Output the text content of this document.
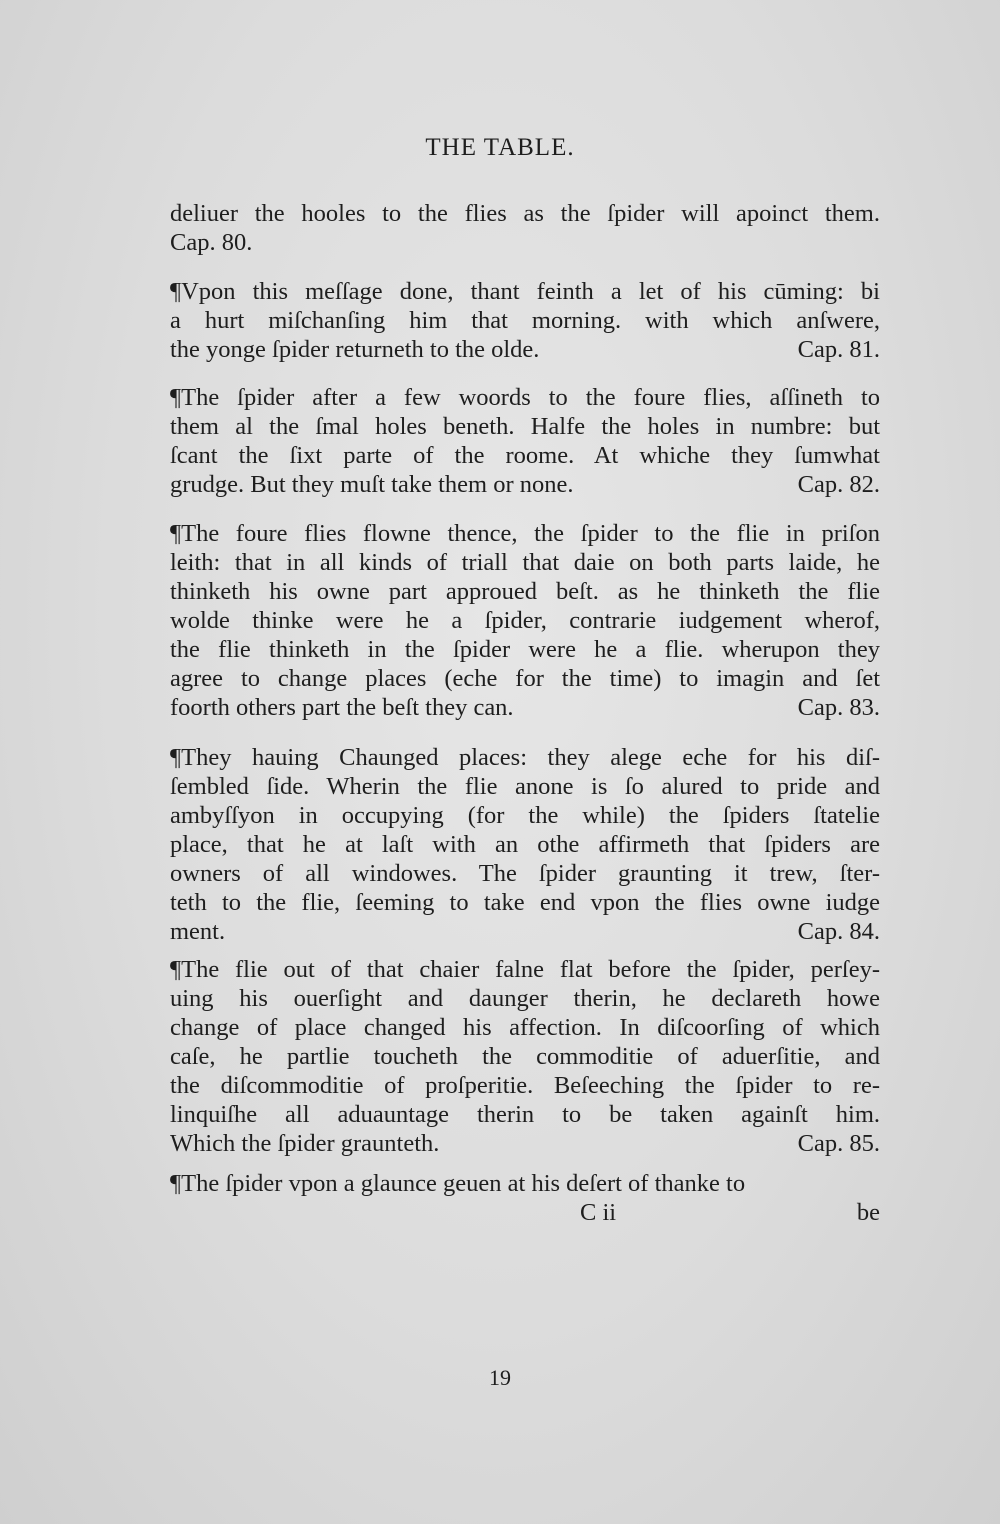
THE TABLE.
deliuer the hooles to the flies as the ſpider will apoinct them.
Cap. 80.
¶Vpon this meſſage done, thant feinth a let of his cūming: bi
a hurt miſchanſing him that morning. with which anſwere,
the yonge ſpider returneth to the olde.	Cap. 81.
¶The ſpider after a few woords to the foure flies, aſſineth to
them al the ſmal holes beneth. Halfe the holes in numbre: but
ſcant the ſixt parte of the roome. At whiche they ſumwhat
grudge. But they muſt take them or none.	Cap. 82.
¶The foure flies flowne thence, the ſpider to the flie in priſon
leith: that in all kinds of triall that daie on both parts laide, he
thinketh his owne part approued beſt. as he thinketh the flie
wolde thinke were he a ſpider, contrarie iudgement wherof,
the flie thinketh in the ſpider were he a flie. wherupon they
agree to change places (eche for the time) to imagin and ſet
foorth others part the beſt they can.	Cap. 83.
¶They hauing Chaunged places: they alege eche for his diſ-
ſembled ſide. Wherin the flie anone is ſo alured to pride and
ambyſſyon in occupying (for the while) the ſpiders ſtatelie
place, that he at laſt with an othe affirmeth that ſpiders are
owners of all windowes. The ſpider graunting it trew, ſter-
teth to the flie, ſeeming to take end vpon the flies owne iudge
ment.	Cap. 84.
¶The flie out of that chaier falne flat before the ſpider, perſey-
uing his ouerſight and daunger therin, he declareth howe
change of place changed his affection. In diſcoorſing of which
caſe, he partlie toucheth the commoditie of aduerſitie, and
the diſcommoditie of proſperitie. Beſeeching the ſpider to re-
linquiſhe all aduauntage therin to be taken againſt him.
Which the ſpider graunteth.	Cap. 85.
¶The ſpider vpon a glaunce geuen at his deſert of thanke to
C ii	be
19
